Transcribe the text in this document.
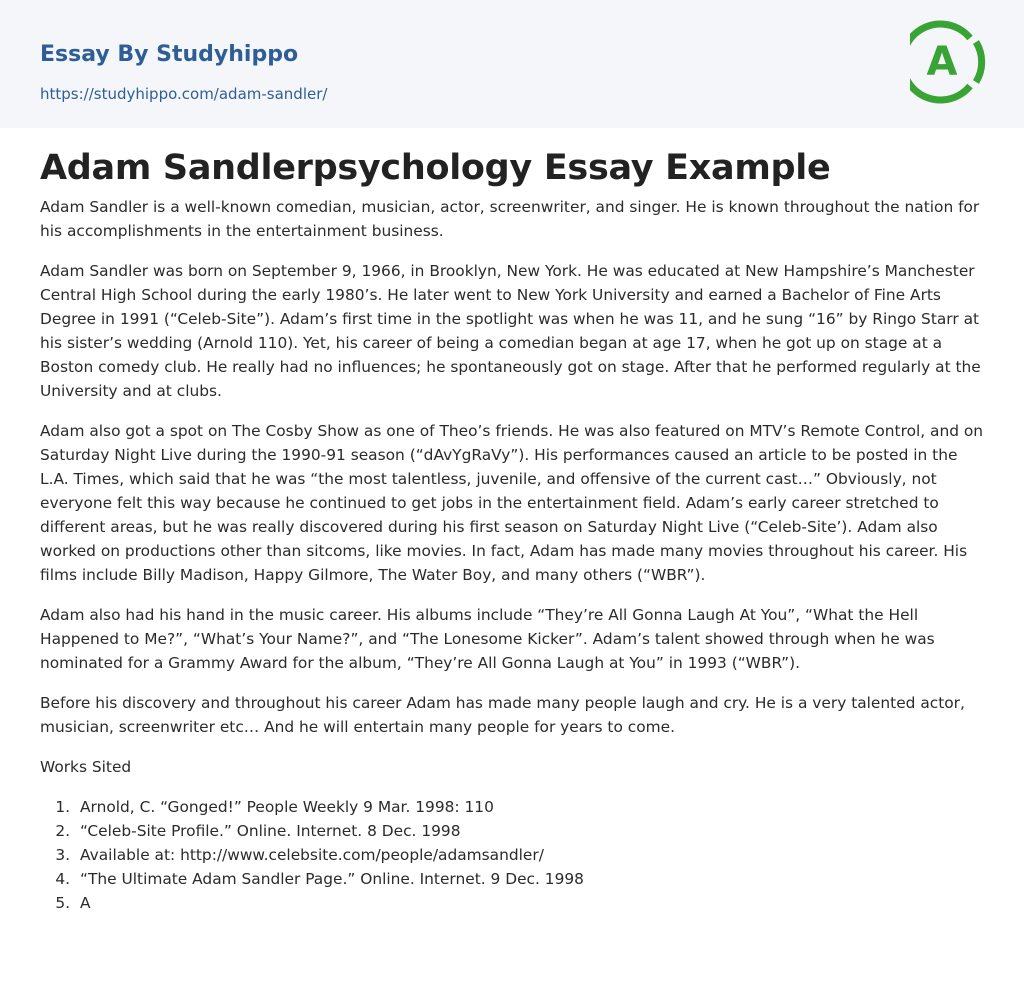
Essay By Studyhippo
https://studyhippo.com/adam-sandler/
A
Adam Sandlerpsychology Essay Example

Adam Sandler is a well-known comedian, musician, actor, screenwriter, and singer. He is known throughout the nation for his accomplishments in the entertainment business.

Adam Sandler was born on September 9, 1966, in Brooklyn, New York. He was educated at New Hampshire’s Manchester Central High School during the early 1980’s. He later went to New York University and earned a Bachelor of Fine Arts Degree in 1991 (“Celeb-Site”). Adam’s first time in the spotlight was when he was 11, and he sung “16” by Ringo Starr at his sister’s wedding (Arnold 110). Yet, his career of being a comedian began at age 17, when he got up on stage at a Boston comedy club. He really had no influences; he spontaneously got on stage. After that he performed regularly at the University and at clubs.

Adam also got a spot on The Cosby Show as one of Theo’s friends. He was also featured on MTV’s Remote Control, and on Saturday Night Live during the 1990-91 season (“dAvYgRaVy”). His performances caused an article to be posted in the L.A. Times, which said that he was “the most talentless, juvenile, and offensive of the current cast…” Obviously, not everyone felt this way because he continued to get jobs in the entertainment field. Adam’s early career stretched to different areas, but he was really discovered during his first season on Saturday Night Live (“Celeb-Site’). Adam also worked on productions other than sitcoms, like movies. In fact, Adam has made many movies throughout his career. His films include Billy Madison, Happy Gilmore, The Water Boy, and many others (“WBR”).

Adam also had his hand in the music career. His albums include “They’re All Gonna Laugh At You”, “What the Hell Happened to Me?”, “What’s Your Name?”, and “The Lonesome Kicker”. Adam’s talent showed through when he was nominated for a Grammy Award for the album, “They’re All Gonna Laugh at You” in 1993 (“WBR”).

Before his discovery and throughout his career Adam has made many people laugh and cry. He is a very talented actor, musician, screenwriter etc… And he will entertain many people for years to come.

Works Sited

1. Arnold, C. “Gonged!” People Weekly 9 Mar. 1998: 110
2. “Celeb-Site Profile.” Online. Internet. 8 Dec. 1998
3. Available at: http://www.celebsite.com/people/adamsandler/
4. “The Ultimate Adam Sandler Page.” Online. Internet. 9 Dec. 1998
5. A
